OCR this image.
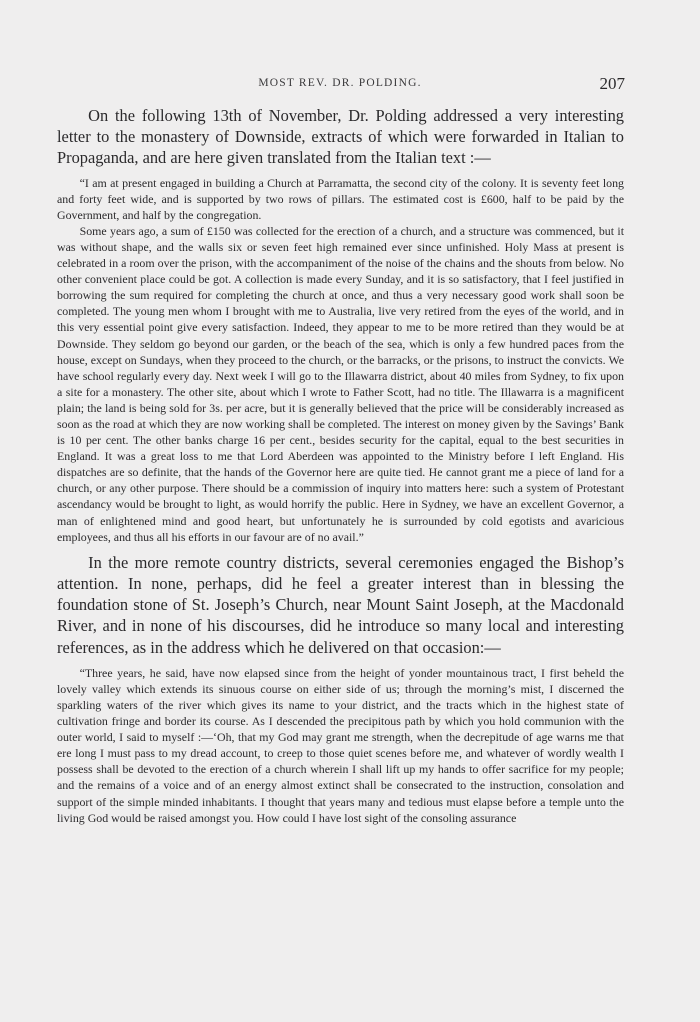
MOST REV. DR. POLDING.	207

On the following 13th of November, Dr. Polding addressed a very interesting letter to the monastery of Downside, extracts of which were forwarded in Italian to Propaganda, and are here given translated from the Italian text :—

“I am at present engaged in building a Church at Parramatta, the second city of the colony. It is seventy feet long and forty feet wide, and is supported by two rows of pillars. The estimated cost is £600, half to be paid by the Government, and half by the congregation.

Some years ago, a sum of £150 was collected for the erection of a church, and a structure was commenced, but it was without shape, and the walls six or seven feet high remained ever since unfinished. Holy Mass at present is celebrated in a room over the prison, with the accompaniment of the noise of the chains and the shouts from below. No other convenient place could be got. A collection is made every Sunday, and it is so satisfactory, that I feel justified in borrowing the sum required for completing the church at once, and thus a very necessary good work shall soon be completed. The young men whom I brought with me to Australia, live very retired from the eyes of the world, and in this very essential point give every satisfaction. Indeed, they appear to me to be more retired than they would be at Downside. They seldom go beyond our garden, or the beach of the sea, which is only a few hundred paces from the house, except on Sundays, when they proceed to the church, or the barracks, or the prisons, to instruct the convicts. We have school regularly every day. Next week I will go to the Illawarra district, about 40 miles from Sydney, to fix upon a site for a monastery. The other site, about which I wrote to Father Scott, had no title. The Illawarra is a magnificent plain; the land is being sold for 3s. per acre, but it is generally believed that the price will be considerably increased as soon as the road at which they are now working shall be completed. The interest on money given by the Savings’ Bank is 10 per cent. The other banks charge 16 per cent., besides security for the capital, equal to the best securities in England. It was a great loss to me that Lord Aberdeen was appointed to the Ministry before I left England. His dispatches are so definite, that the hands of the Governor here are quite tied. He cannot grant me a piece of land for a church, or any other purpose. There should be a commission of inquiry into matters here: such a system of Protestant ascendancy would be brought to light, as would horrify the public. Here in Sydney, we have an excellent Governor, a man of enlightened mind and good heart, but unfortunately he is surrounded by cold egotists and avaricious employees, and thus all his efforts in our favour are of no avail.”

In the more remote country districts, several ceremonies engaged the Bishop’s attention. In none, perhaps, did he feel a greater interest than in blessing the foundation stone of St. Joseph’s Church, near Mount Saint Joseph, at the Macdonald River, and in none of his discourses, did he introduce so many local and interesting references, as in the address which he delivered on that occasion:—

“Three years, he said, have now elapsed since from the height of yonder mountainous tract, I first beheld the lovely valley which extends its sinuous course on either side of us; through the morning’s mist, I discerned the sparkling waters of the river which gives its name to your district, and the tracts which in the highest state of cultivation fringe and border its course. As I descended the precipitous path by which you hold communion with the outer world, I said to myself :—‘Oh, that my God may grant me strength, when the decrepitude of age warns me that ere long I must pass to my dread account, to creep to those quiet scenes before me, and whatever of wordly wealth I possess shall be devoted to the erection of a church wherein I shall lift up my hands to offer sacrifice for my people; and the remains of a voice and of an energy almost extinct shall be consecrated to the instruction, consolation and support of the simple minded inhabitants. I thought that years many and tedious must elapse before a temple unto the living God would be raised amongst you. How could I have lost sight of the consoling assurance
